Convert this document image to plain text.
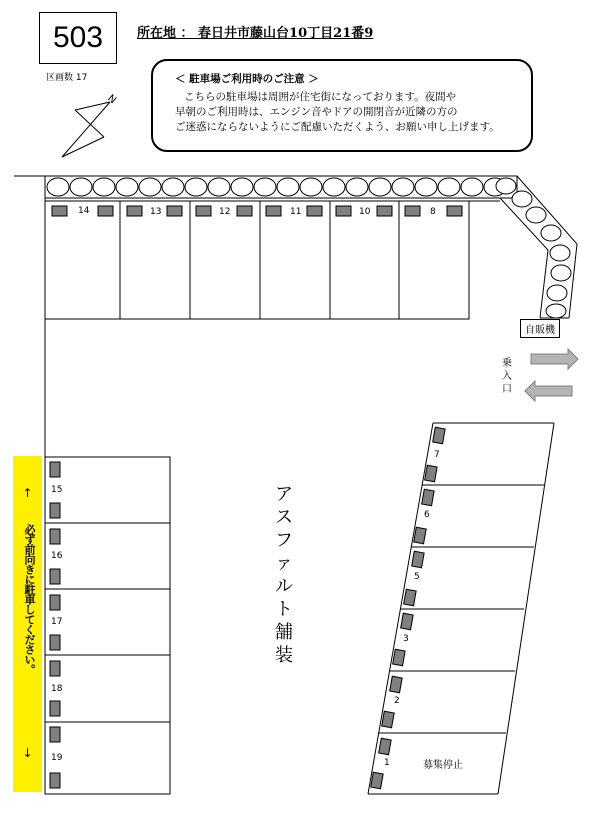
503	所在地 ： 春日井市藤山台10丁目21番9
区画数 17	＜ 駐車場ご利用時のご注意 ＞
こちらの駐車場は周囲が住宅街になっております。夜間や
早朝のご利用時は、エンジン音やドアの開閉音が近隣の方の
ご迷惑にならないようにご配慮いただくよう、お願い申し上げます。
N
14	13	12	11	10	8
15
16
17
18
19
7
6
5
3
2
1
アスファルト舗装
自販機
乗入口
募集停止
↑
必ず前向きに駐車してください。
↓
